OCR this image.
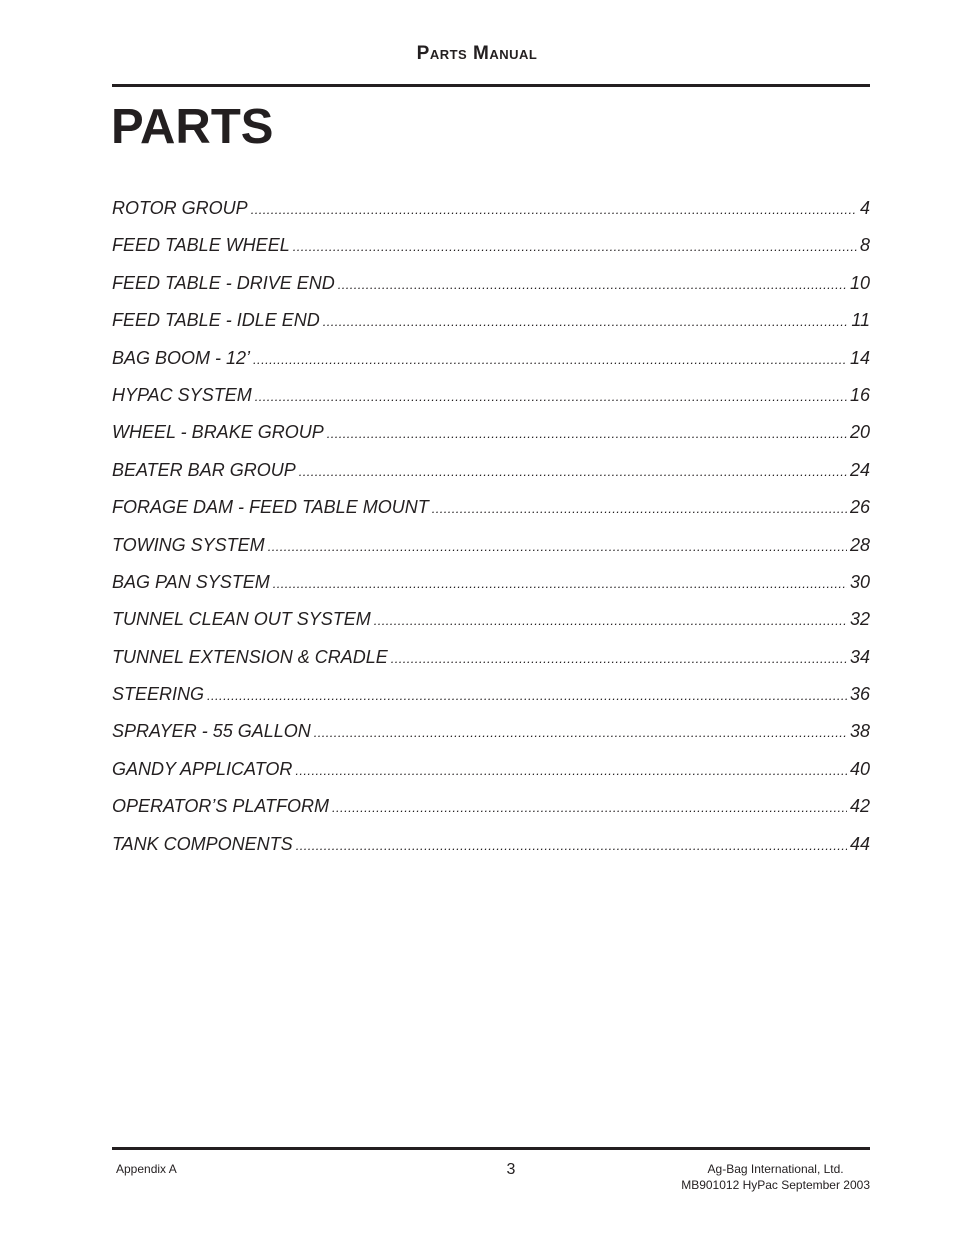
Parts Manual
PARTS
ROTOR GROUP .....	4
FEED TABLE WHEEL .....	8
FEED TABLE - DRIVE END .....	10
FEED TABLE - IDLE END .....	11
BAG BOOM - 12’ .....	14
HYPAC SYSTEM .....	16
WHEEL - BRAKE GROUP .....	20
BEATER BAR GROUP .....	24
FORAGE DAM - FEED TABLE MOUNT .....	26
TOWING SYSTEM .....	28
BAG PAN SYSTEM .....	30
TUNNEL CLEAN OUT SYSTEM .....	32
TUNNEL EXTENSION & CRADLE .....	34
STEERING .....	36
SPRAYER - 55 GALLON .....	38
GANDY APPLICATOR .....	40
OPERATOR’S PLATFORM .....	42
TANK COMPONENTS .....	44
Appendix A	3	Ag-Bag International, Ltd.
MB901012 HyPac September 2003
